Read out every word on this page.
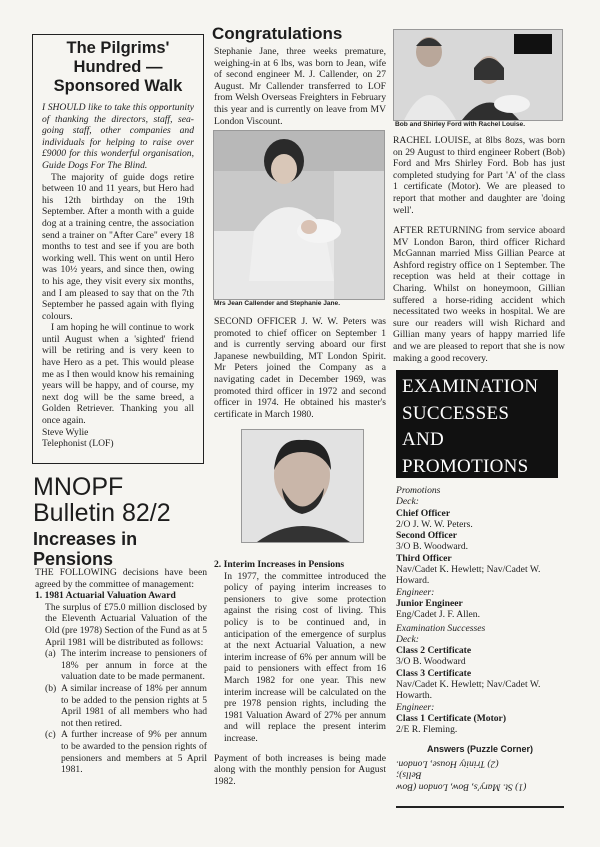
The Pilgrims'
Hundred —
Sponsored Walk

I SHOULD like to take this opportunity of thanking the directors, staff, sea-going staff, other companies and individuals for helping to raise over £9000 for this wonderful organisation, Guide Dogs For The Blind.

The majority of guide dogs retire between 10 and 11 years, but Hero had his 12th birthday on the 19th September. After a month with a guide dog at a training centre, the association send a trainer on "After Care" every 18 months to test and see if you are both working well. This went on until Hero was 10½ years, and since then, owing to his age, they visit every six months, and I am pleased to say that on the 7th September he passed again with flying colours.

I am hoping he will continue to work until August when a 'sighted' friend will be retiring and is very keen to have Hero as a pet. This would please me as I then would know his remaining years will be happy, and of course, my next dog will be the same breed, a Golden Retriever. Thanking you all once again.

Steve Wylie

Telephonist (LOF)

MNOPF
Bulletin 82/2
Increases in
Pensions

THE FOLLOWING decisions have been agreed by the committee of management:

1. 1981 Actuarial Valuation Award

The surplus of £75.0 million disclosed by the Eleventh Actuarial Valuation of the Old (pre 1978) Section of the Fund as at 5 April 1981 will be distributed as follows:

(a) The interim increase to pensioners of 18% per annum in force at the valuation date to be made permanent.
(b) A similar increase of 18% per annum to be added to the pension rights at 5 April 1981 of all members who had not then retired.
(c) A further increase of 9% per annum to be awarded to the pension rights of pensioners and members at 5 April 1981.
Congratulations

Stephanie Jane, three weeks premature, weighing-in at 6 lbs, was born to Jean, wife of second engineer M. J. Callender, on 27 August. Mr Callender transferred to LOF from Welsh Overseas Freighters in February this year and is currently on leave from MV London Viscount.

Mrs Jean Callender and Stephanie Jane.

SECOND OFFICER J. W. W. Peters was promoted to chief officer on September 1 and is currently serving aboard our first Japanese newbuilding, MT London Spirit. Mr Peters joined the Company as a navigating cadet in December 1969, was promoted third officer in 1972 and second officer in 1974. He obtained his master's certificate in March 1980.

2. Interim Increases in Pensions

In 1977, the committee introduced the policy of paying interim increases to pensioners to give some protection against the rising cost of living. This policy is to be continued and, in anticipation of the emergence of surplus at the next Actuarial Valuation, a new interim increase of 6% per annum will be paid to pensioners with effect from 16 March 1982 for one year. This new interim increase will be calculated on the pre 1978 pension rights, including the 1981 Valuation Award of 27% per annum and will replace the present interim increase.

Payment of both increases is being made along with the monthly pension for August 1982.

Bob and Shirley Ford with Rachel Louise.

RACHEL LOUISE, at 8lbs 8ozs, was born on 29 August to third engineer Robert (Bob) Ford and Mrs Shirley Ford. Bob has just completed studying for Part 'A' of the class 1 certificate (Motor). We are pleased to report that mother and daughter are 'doing well'.

AFTER RETURNING from service aboard MV London Baron, third officer Richard McGannan married Miss Gillian Pearce at Ashford registry office on 1 September. The reception was held at their cottage in Charing. Whilst on honeymoon, Gillian suffered a horse-riding accident which necessitated two weeks in hospital. We are sure our readers will wish Richard and Gillian many years of happy married life and we are pleased to report that she is now making a good recovery.

EXAMINATION
SUCCESSES
AND
PROMOTIONS

Promotions

Deck:

Chief Officer

2/O J. W. W. Peters.

Second Officer

3/O B. Woodward.

Third Officer

Nav/Cadet K. Hewlett; Nav/Cadet W. Howard.

Engineer:

Junior Engineer

Eng/Cadet J. F. Allen.

Examination Successes

Deck:

Class 2 Certificate

3/O B. Woodward

Class 3 Certificate

Nav/Cadet K. Hewlett; Nav/Cadet W. Howarth.

Engineer:

Class 1 Certificate (Motor)

2/E R. Fleming.

Answers (Puzzle Corner)
(1) St. Mary's, Bow, London (Bow
Bells);
(2) Trinity House, London.
